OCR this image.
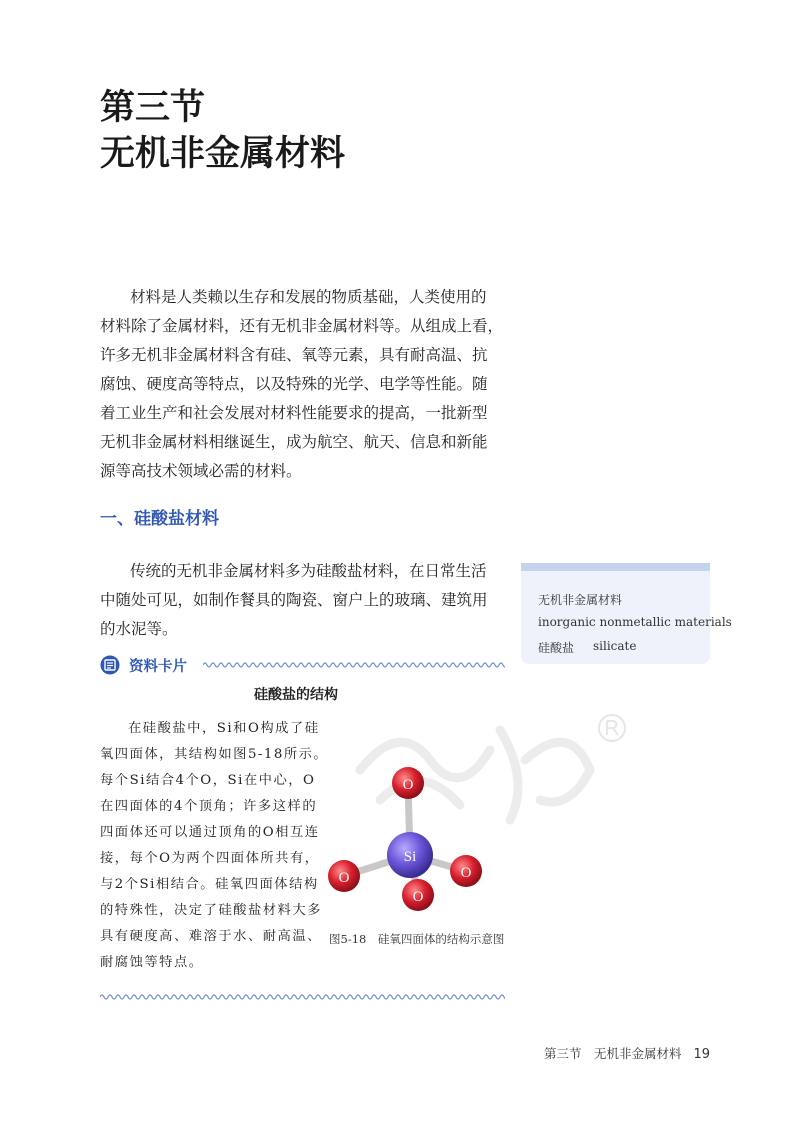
第三节
无机非金属材料

材料是人类赖以生存和发展的物质基础，人类使用的

材料除了金属材料，还有无机非金属材料等。从组成上看，

许多无机非金属材料含有硅、氧等元素，具有耐高温、抗

腐蚀、硬度高等特点，以及特殊的光学、电学等性能。随

着工业生产和社会发展对材料性能要求的提高，一批新型

无机非金属材料相继诞生，成为航空、航天、信息和新能

源等高技术领域必需的材料。

一、硅酸盐材料

传统的无机非金属材料多为硅酸盐材料，在日常生活

中随处可见，如制作餐具的陶瓷、窗户上的玻璃、建筑用

的水泥等。

无机非金属材料
inorganic nonmetallic materials
硅酸盐 silicate
资料卡片
硅酸盐的结构

在硅酸盐中，Si和O构成了硅

氧四面体，其结构如图5-18所示。

每个Si结合4个O，Si在中心，O

在四面体的4个顶角；许多这样的

四面体还可以通过顶角的O相互连

接，每个O为两个四面体所共有，

与2个Si相结合。硅氧四面体结构

的特殊性，决定了硅酸盐材料大多

具有硬度高、难溶于水、耐高温、

耐腐蚀等特点。

O
O
Si
O
O
图5-18　硅氧四面体的结构示意图
第三节　无机非金属材料 19
